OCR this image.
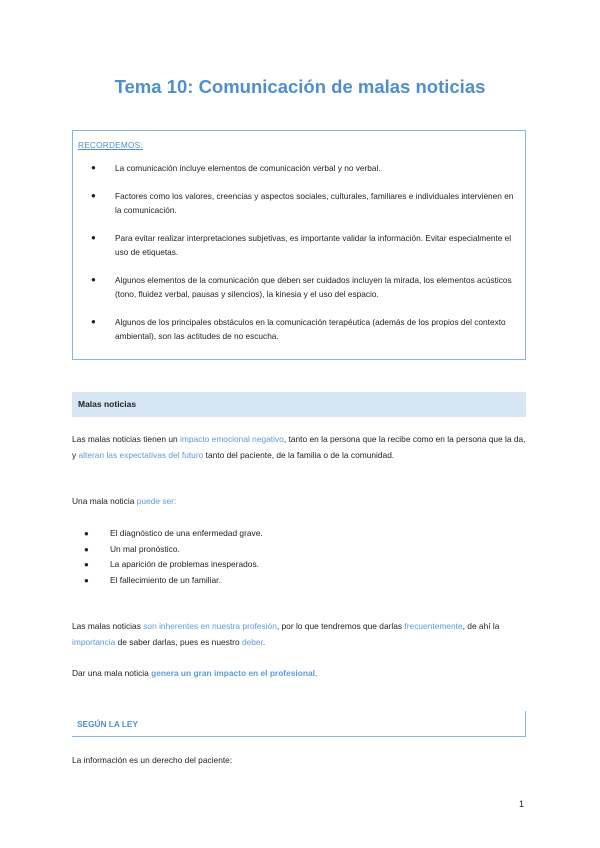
Tema 10: Comunicación de malas noticias
RECORDEMOS:
● La comunicación incluye elementos de comunicación verbal y no verbal.
● Factores como los valores, creencias y aspectos sociales, culturales, familiares e individuales intervienen en la comunicación.
● Para evitar realizar interpretaciones subjetivas, es importante validar la información. Evitar especialmente el uso de etiquetas.
● Algunos elementos de la comunicación que deben ser cuidados incluyen la mirada, los elementos acústicos (tono, fluidez verbal, pausas y silencios), la kinesia y el uso del espacio.
● Algunos de los principales obstáculos en la comunicación terapéutica (además de los propios del contexto ambiental), son las actitudes de no escucha.
Malas noticias

Las malas noticias tienen un impacto emocional negativo, tanto en la persona que la recibe como en la persona que la da, y alteran las expectativas del futuro tanto del paciente, de la familia o de la comunidad.

Una mala noticia puede ser:

●	El diagnóstico de una enfermedad grave.
●	Un mal pronóstico.
●	La aparición de problemas inesperados.
●	El fallecimiento de un familiar.

Las malas noticias son inherentes en nuestra profesión, por lo que tendremos que darlas frecuentemente, de ahí la importancia de saber darlas, pues es nuestro deber.

Dar una mala noticia genera un gran impacto en el profesional.

SEGÚN LA LEY

La información es un derecho del paciente:

1
